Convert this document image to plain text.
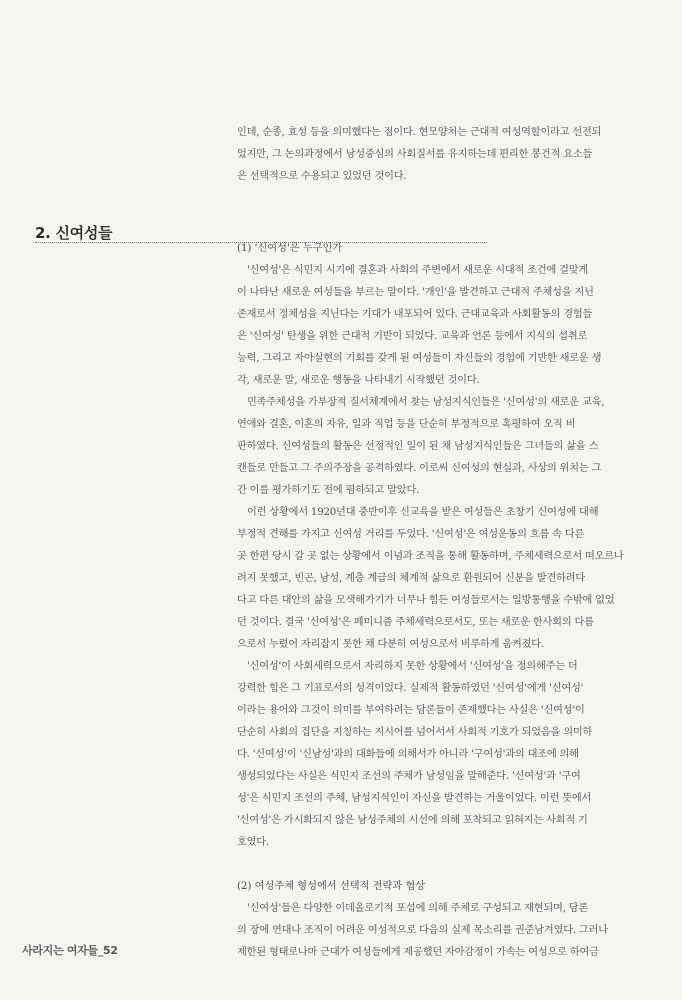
인데, 순종, 효성 등을 의미했다는 점이다. 현모양처는 근대적 여성역할이라고 선전되
었지만, 그 논의과정에서 남성중심의 사회질서를 유지하는데 편리한 봉건적 요소들
은 선택적으로 수용되고 있었던 것이다.
2. 신여성들
(1) '신여성'은 누구인가
'신여성'은 식민지 시기에 결혼과 사회의 주변에서 새로운 시대적 조건에 걸맞게
이 나타난 새로운 여성들을 부르는 말이다. '개인'을 발견하고 근대적 주체성을 지닌
존재로서 정체성을 지닌다는 기대가 내포되어 있다. 근대교육과 사회활동의 경험들
은 '신여성' 탄생을 위한 근대적 기반이 되었다. 교육과 언론 등에서 지식의 섭취로
능력, 그리고 자아실현의 기회를 갖게 된 여성들이 자신들의 경험에 기반한 새로운 생
각, 새로운 말, 새로운 행동을 나타내기 시작했던 것이다.
민족주체성을 가부장적 질서체계에서 찾는 남성지식인들은 '신여성'의 새로운 교육,
연애와 결혼, 이혼의 자유, 일과 직업 등을 단순히 부정적으로 혹평하여 오직 비
판하였다. 신여성들의 활동은 선정적인 일이 된 채 남성지식인들은 그녀들의 삶을 스
캔들로 만들고 그 주의주장을 공격하였다. 이로써 신여성의 현실과, 사상의 위치는 그
간 이를 평가하기도 전에 폄하되고 말았다.
이런 상황에서 1920년대 중반이후 신교육을 받은 여성들은 초창기 신여성에 대해
부정적 견해를 가지고 신여성 거리를 두었다. '신여성'은 여성운동의 흐름 속 다른
곳 한편 당시 갈 곳 없는 상황에서 이념과 조직을 통해 활동하며, 주체세력으로서 떠오르나
려지 못했고, 빈곤, 남성, 계층 계급의 체계적 삶으로 환원되어 신분을 발견하려다
다고 다른 대안의 삶을 모색해가기가 너무나 힘든 여성들로서는 일방통행을 수밖에 없었
던 것이다. 결국 '신여성'은 페미니즘 주체세력으로서도, 또는 새로운 한사회의 다름
으로서 누렸어 자리잡지 못한 채 다분히 여성으로서 비루하게 움켜졌다.
'신여성'이 사회세력으로서 자리하지 못한 상황에서 '신여성'을 정의해주는 더
강력한 힘은 그 기표로서의 성격이었다. 실제적 활동하였던 '신여성'에게 '신여성'
이라는 용어와 그것이 의미를 부여하려는 담론들이 존재했다는 사실은 '신여성'이
단순히 사회의 집단을 지칭하는 지시어를 넘어서서 사회적 기호가 되었음을 의미하
다. '신여성'이 '신남성'과의 대화들에 의해서가 아니라 '구여성'과의 대조에 의해
생성되었다는 사실은 식민지 조선의 주체가 남성임을 말해준다. '신여성'과 '구여
성'은 식민지 조선의 주체, 남성지식인이 자신을 발견하는 거울이었다. 이런 뜻에서
'신여성'은 가시화되지 않은 남성주체의 시선에 의해 포착되고 읽혀지는 사회적 기
호였다.
(2) 여성주체 형성에서 선택적 전략과 협상
'신여성'들은 다양한 이데올로기적 포섭에 의해 주체로 구성되고 재현되며, 담론
의 장에 연대나 조직이 어려운 여성적으로 다음의 실제 목소리를 권준남겨였다. 그러나
제한된 형태로나마 근대가 여성들에게 제공했던 자아감정이 가속는 여성으로 하여금
사라지는 여자들_52
